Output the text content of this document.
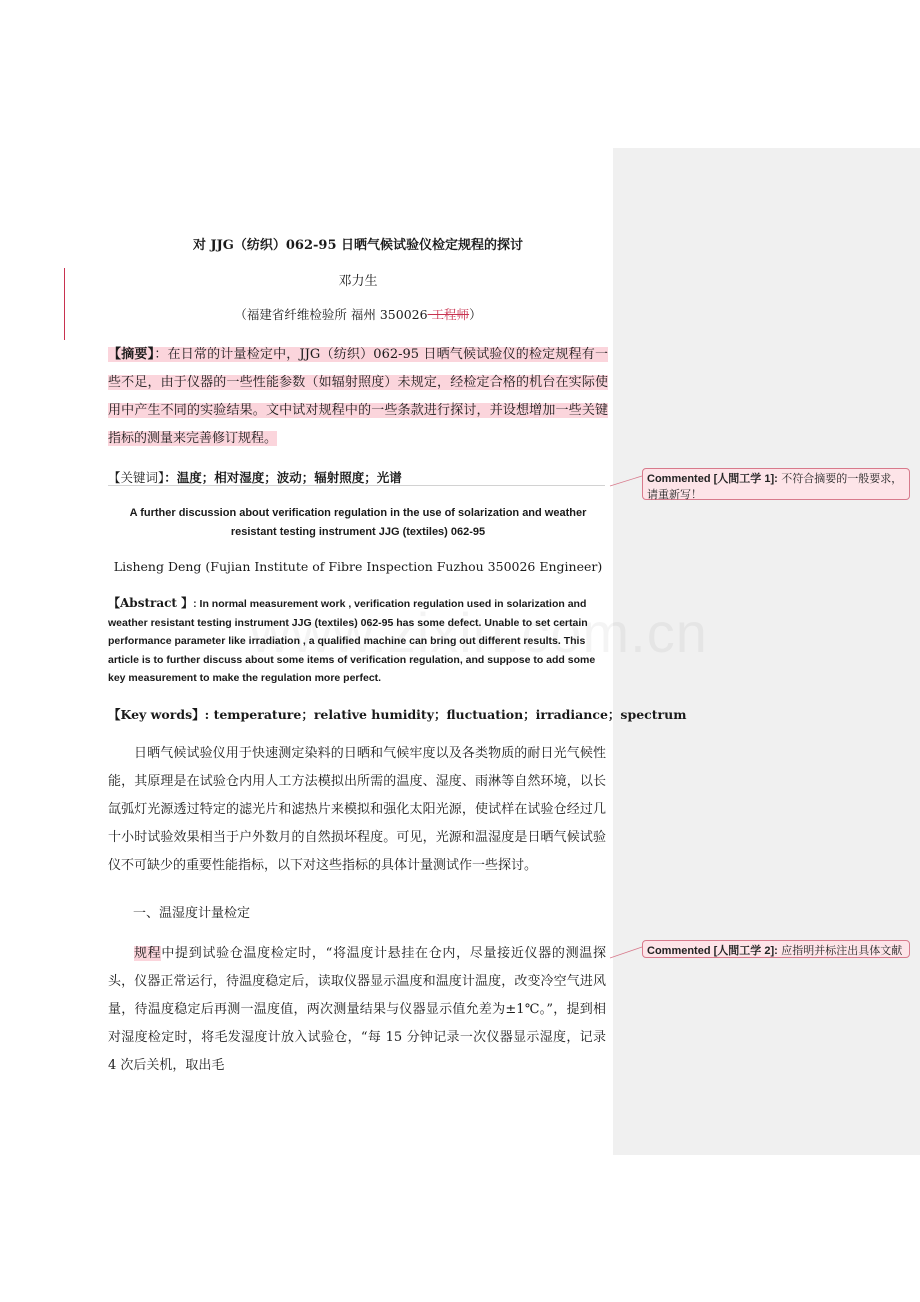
对 JJG（纺织）062-95 日晒气候试验仪检定规程的探讨
邓力生
（福建省纤维检验所 福州 350026 工程师）
【摘要】：在日常的计量检定中，JJG（纺织）062-95 日晒气候试验仪的检定规程有一些不足，由于仪器的一些性能参数（如辐射照度）未规定，经检定合格的机台在实际使用中产生不同的实验结果。文中试对规程中的一些条款进行探讨，并设想增加一些关键指标的测量来完善修订规程。
【关键词】：温度；相对湿度；波动；辐射照度；光谱
A further discussion about verification regulation in the use of solarization and weather resistant testing instrument JJG (textiles) 062-95
Lisheng Deng (Fujian Institute of Fibre Inspection Fuzhou 350026 Engineer)
【Abstract 】: In normal measurement work , verification regulation used in solarization and weather resistant testing instrument JJG (textiles) 062-95 has some defect. Unable to set certain performance parameter like irradiation , a qualified machine can bring out different results. This article is to further discuss about some items of verification regulation, and suppose to add some key measurement to make the regulation more perfect.
【Key words】: temperature；relative humidity；fluctuation；irradiance；spectrum
日晒气候试验仪用于快速测定染料的日晒和气候牢度以及各类物质的耐日光气候性能，其原理是在试验仓内用人工方法模拟出所需的温度、湿度、雨淋等自然环境，以长氙弧灯光源透过特定的滤光片和滤热片来模拟和强化太阳光源，使试样在试验仓经过几十小时试验效果相当于户外数月的自然损坏程度。可见，光源和温湿度是日晒气候试验仪不可缺少的重要性能指标，以下对这些指标的具体计量测试作一些探讨。
一、温湿度计量检定
规程中提到试验仓温度检定时，“将温度计悬挂在仓内，尽量接近仪器的测温探头，仪器正常运行，待温度稳定后，读取仪器显示温度和温度计温度，改变冷空气进风量，待温度稳定后再测一温度值，两次测量结果与仪器显示值允差为±1℃。”，提到相对湿度检定时，将毛发湿度计放入试验仓，“每 15 分钟记录一次仪器显示湿度，记录 4 次后关机，取出毛
Commented [人間工学 1]: 不符合摘要的一般要求，请重新写！
Commented [人間工学 2]: 应指明并标注出具体文献
